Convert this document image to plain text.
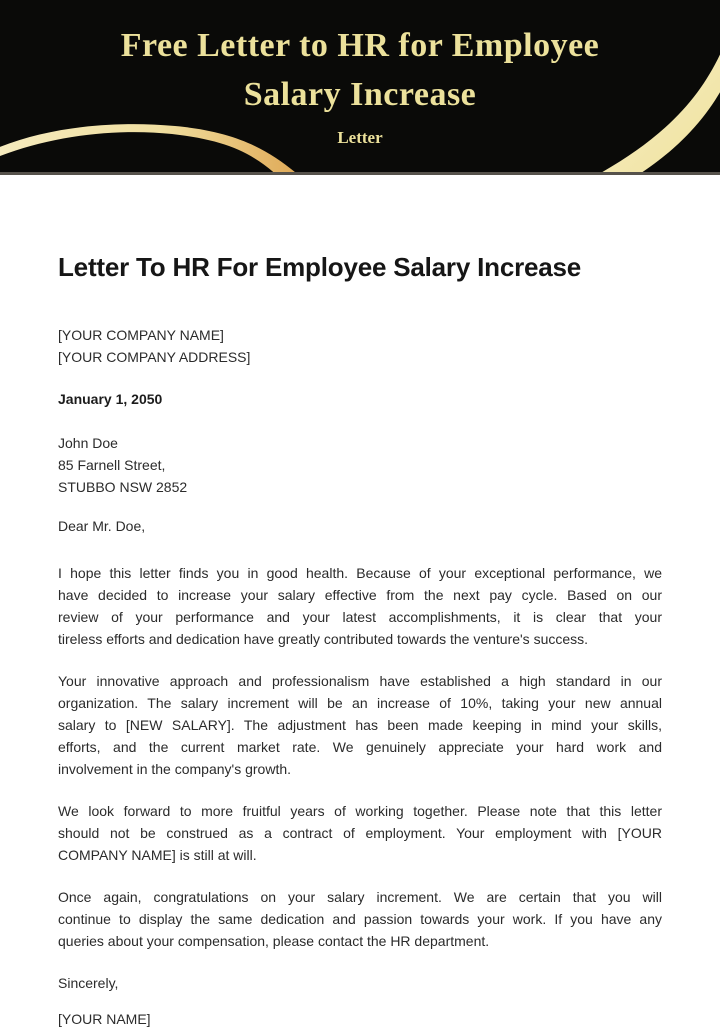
Free Letter to HR for Employee Salary Increase
Letter
Letter To HR For Employee Salary Increase
[YOUR COMPANY NAME]
[YOUR COMPANY ADDRESS]
January 1, 2050
John Doe
85 Farnell Street,
STUBBO NSW 2852
Dear Mr. Doe,
I hope this letter finds you in good health. Because of your exceptional performance, we
have decided to increase your salary effective from the next pay cycle. Based on our
review of your performance and your latest accomplishments, it is clear that your
tireless efforts and dedication have greatly contributed towards the venture's success.
Your innovative approach and professionalism have established a high standard in our
organization. The salary increment will be an increase of 10%, taking your new annual
salary to [NEW SALARY]. The adjustment has been made keeping in mind your skills,
efforts, and the current market rate. We genuinely appreciate your hard work and
involvement in the company's growth.
We look forward to more fruitful years of working together. Please note that this letter
should not be construed as a contract of employment. Your employment with [YOUR
COMPANY NAME] is still at will.
Once again, congratulations on your salary increment. We are certain that you will
continue to display the same dedication and passion towards your work. If you have any
queries about your compensation, please contact the HR department.
Sincerely,
[YOUR NAME]
